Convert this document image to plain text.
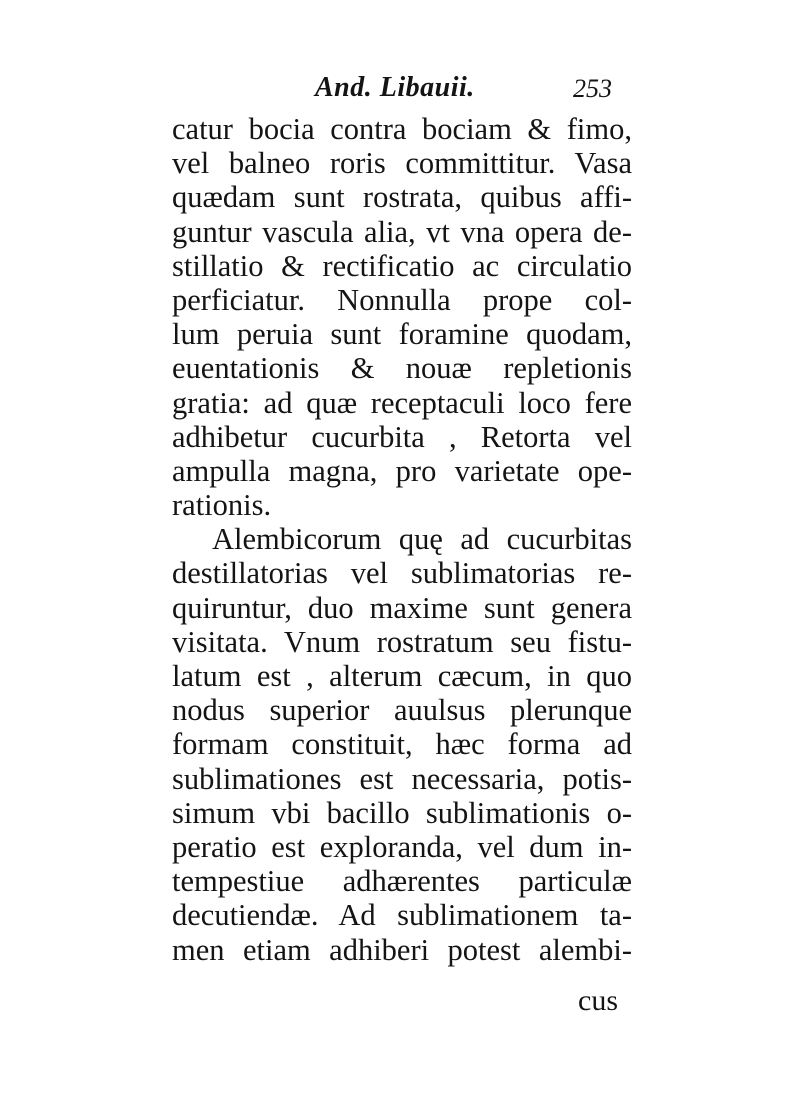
And. Libauii.	253
catur bocia contra bociam & fimo,
vel balneo roris committitur. Vasa
quædam sunt rostrata, quibus affi-
guntur vascula alia, vt vna opera de-
stillatio & rectificatio ac circulatio
perficiatur. Nonnulla prope col-
lum peruia sunt foramine quodam,
euentationis & nouæ repletionis
gratia: ad quæ receptaculi loco fere
adhibetur cucurbita , Retorta vel
ampulla magna, pro varietate ope-
rationis.
Alembicorum quę ad cucurbitas
destillatorias vel sublimatorias re-
quiruntur, duo maxime sunt genera
visitata. Vnum rostratum seu fistu-
latum est , alterum cæcum, in quo
nodus superior auulsus plerunque
formam constituit, hæc forma ad
sublimationes est necessaria, potis-
simum vbi bacillo sublimationis o-
peratio est exploranda, vel dum in-
tempestiue adhærentes particulæ
decutiendæ. Ad sublimationem ta-
men etiam adhiberi potest alembi-
cus
